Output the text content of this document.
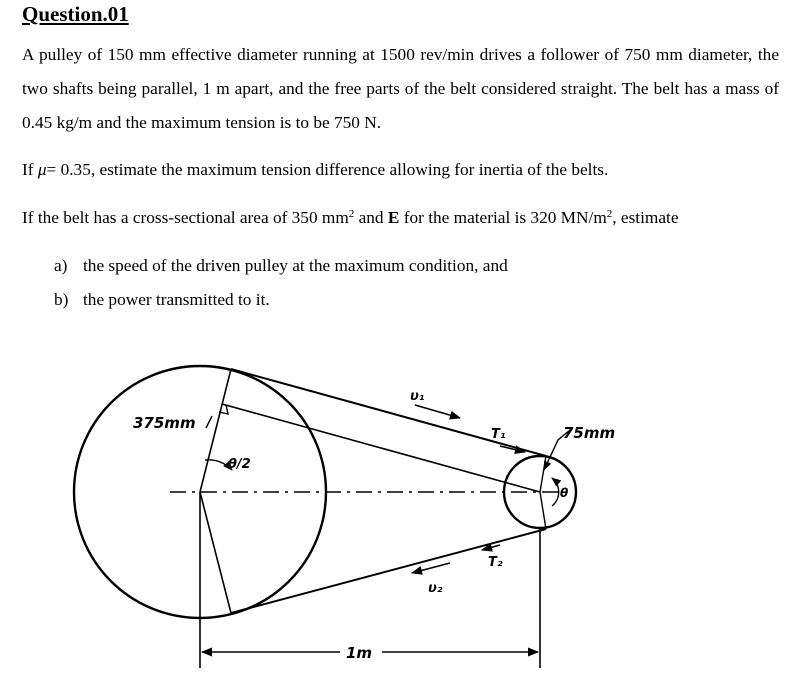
Question.01
A pulley of 150 mm effective diameter running at 1500 rev/min drives a follower of 750 mm diameter, the two shafts being parallel, 1 m apart, and the free parts of the belt considered straight. The belt has a mass of 0.45 kg/m and the maximum tension is to be 750 N.
If μ= 0.35, estimate the maximum tension difference allowing for inertia of the belts.
If the belt has a cross-sectional area of 350 $mm^2$ and E for the material is 320 $MN/m^2$, estimate
a) the speed of the driven pulley at the maximum condition, and
b) the power transmitted to it.
375mm
75mm
θ/2
θ
υ₁
υ₂
T₁
T₂
1m
